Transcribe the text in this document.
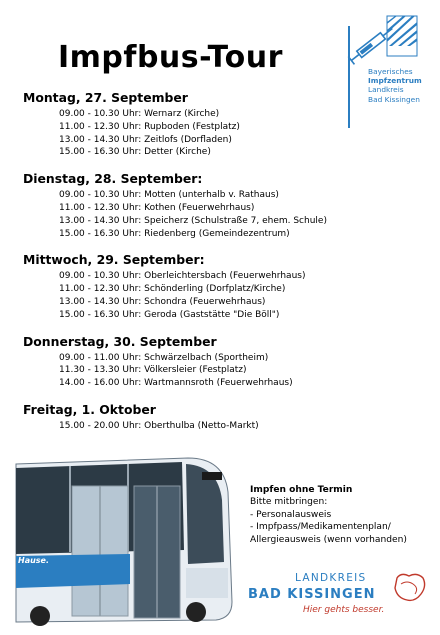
Impfbus-Tour	Bayerisches
Impfzentrum
Landkreis
Bad Kissingen
Montag, 27. September
09.00 - 10.30 Uhr: Wernarz (Kirche)
11.00 - 12.30 Uhr: Rupboden (Festplatz)
13.00 - 14.30 Uhr: Zeitlofs (Dorfladen)
15.00 - 16.30 Uhr: Detter (Kirche)
Dienstag, 28. September:
09.00 - 10.30 Uhr: Motten (unterhalb v. Rathaus)
11.00 - 12.30 Uhr: Kothen (Feuerwehrhaus)
13.00 - 14.30 Uhr: Speicherz (Schulstraße 7, ehem. Schule)
15.00 - 16.30 Uhr: Riedenberg (Gemeindezentrum)
Mittwoch, 29. September:
09.00 - 10.30 Uhr: Oberleichtersbach (Feuerwehrhaus)
11.00 - 12.30 Uhr: Schönderling (Dorfplatz/Kirche)
13.00 - 14.30 Uhr: Schondra (Feuerwehrhaus)
15.00 - 16.30 Uhr: Geroda (Gaststätte "Die Böll")
Donnerstag, 30. September
09.00 - 11.00 Uhr: Schwärzelbach (Sportheim)
11.30 - 13.30 Uhr: Völkersleier (Festplatz)
14.00 - 16.00 Uhr: Wartmannsroth (Feuerwehrhaus)
Freitag, 1. Oktober
15.00 - 20.00 Uhr: Oberthulba (Netto-Markt)
Hause.
Impfen ohne Termin
Bitte mitbringen:
- Personalausweis
- Impfpass/Medikamentenplan/
Allergieausweis (wenn vorhanden)
LANDKREIS
BAD KISSINGEN
Hier gehts besser.
